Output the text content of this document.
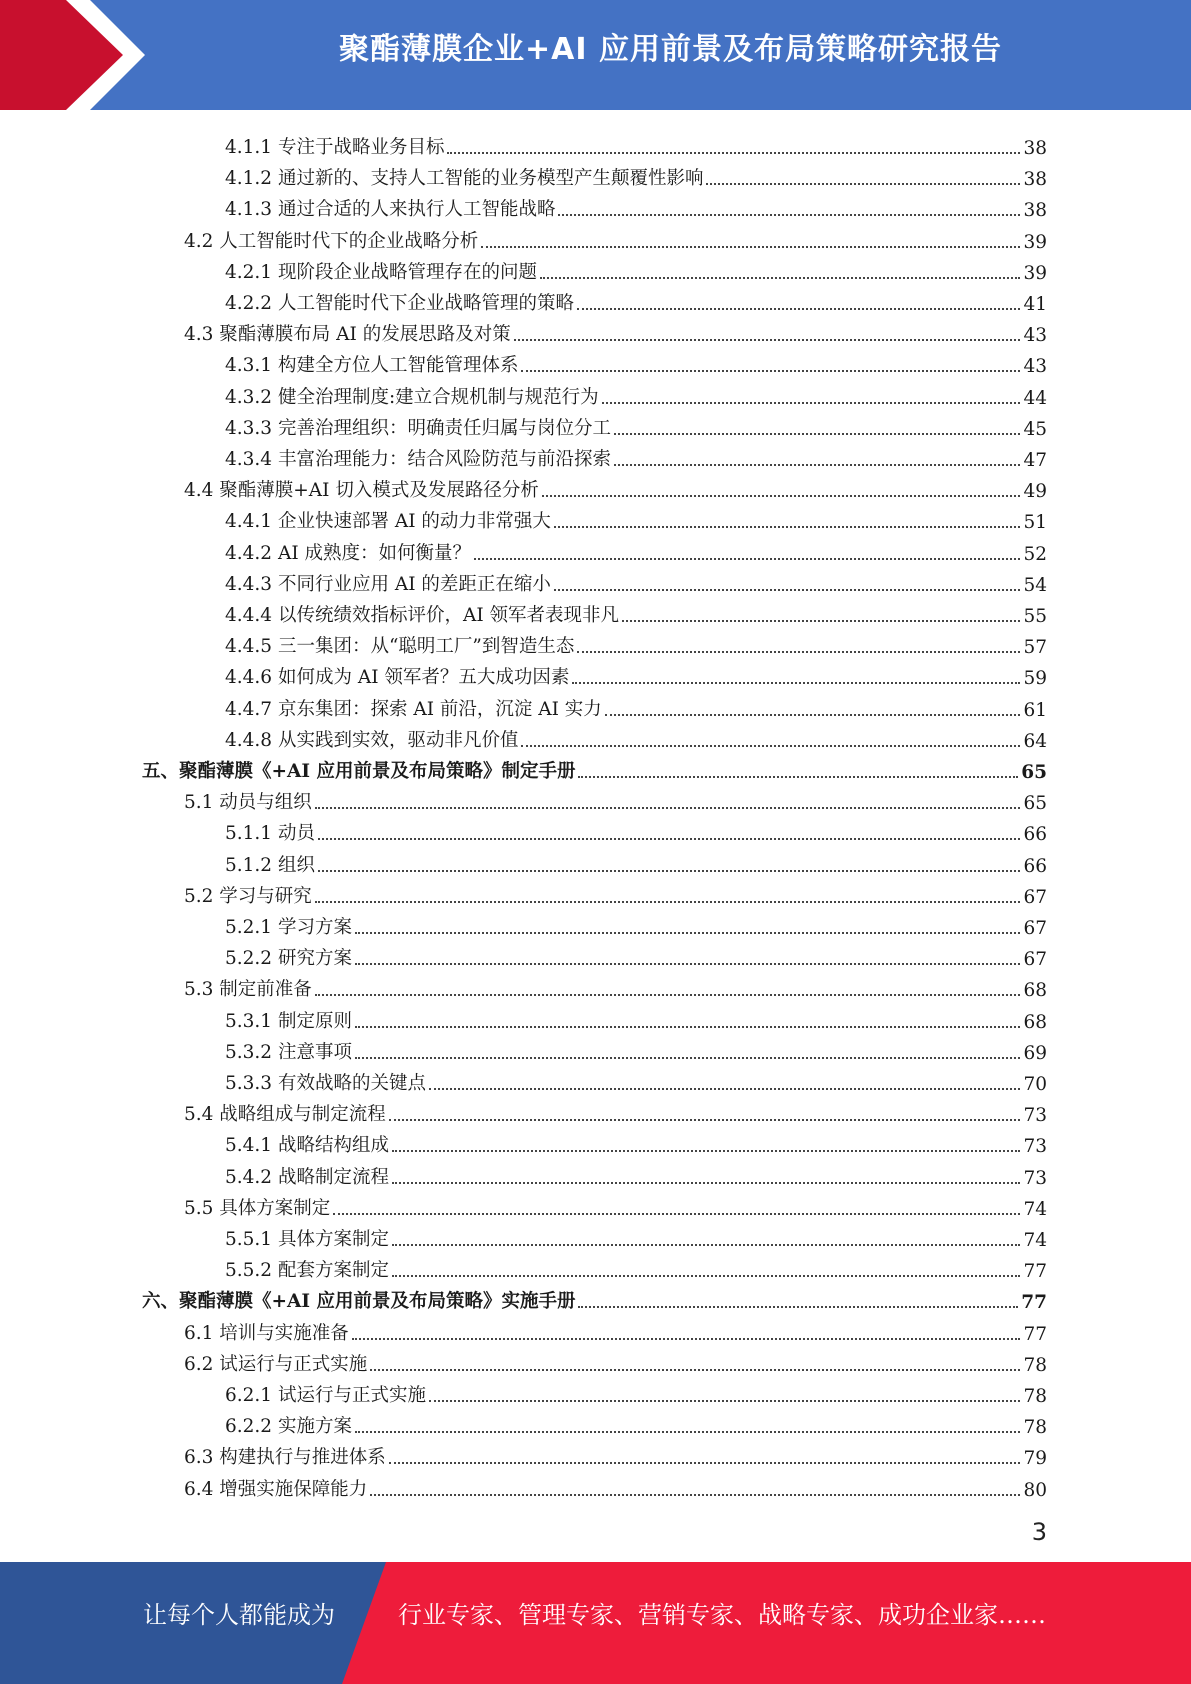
聚酯薄膜企业+AI 应用前景及布局策略研究报告
4.1.1 专注于战略业务目标	38
4.1.2 通过新的、支持人工智能的业务模型产生颠覆性影响	38
4.1.3 通过合适的人来执行人工智能战略	38
4.2 人工智能时代下的企业战略分析	39
4.2.1 现阶段企业战略管理存在的问题	39
4.2.2 人工智能时代下企业战略管理的策略	41
4.3 聚酯薄膜布局 AI 的发展思路及对策	43
4.3.1 构建全方位人工智能管理体系	43
4.3.2 健全治理制度:建立合规机制与规范行为	44
4.3.3 完善治理组织：明确责任归属与岗位分工	45
4.3.4 丰富治理能力：结合风险防范与前沿探索	47
4.4 聚酯薄膜+AI 切入模式及发展路径分析	49
4.4.1 企业快速部署 AI 的动力非常强大	51
4.4.2 AI 成熟度：如何衡量？	52
4.4.3 不同行业应用 AI 的差距正在缩小	54
4.4.4 以传统绩效指标评价，AI 领军者表现非凡	55
4.4.5 三一集团：从“聪明工厂”到智造生态	57
4.4.6 如何成为 AI 领军者？五大成功因素	59
4.4.7 京东集团：探索 AI 前沿，沉淀 AI 实力	61
4.4.8 从实践到实效，驱动非凡价值	64
五、聚酯薄膜《+AI 应用前景及布局策略》制定手册	65
5.1 动员与组织	65
5.1.1 动员	66
5.1.2 组织	66
5.2 学习与研究	67
5.2.1 学习方案	67
5.2.2 研究方案	67
5.3 制定前准备	68
5.3.1 制定原则	68
5.3.2 注意事项	69
5.3.3 有效战略的关键点	70
5.4 战略组成与制定流程	73
5.4.1 战略结构组成	73
5.4.2 战略制定流程	73
5.5 具体方案制定	74
5.5.1 具体方案制定	74
5.5.2 配套方案制定	77
六、聚酯薄膜《+AI 应用前景及布局策略》实施手册	77
6.1 培训与实施准备	77
6.2 试运行与正式实施	78
6.2.1 试运行与正式实施	78
6.2.2 实施方案	78
6.3 构建执行与推进体系	79
6.4 增强实施保障能力	80
3
让每个人都能成为	行业专家、管理专家、营销专家、战略专家、成功企业家……
